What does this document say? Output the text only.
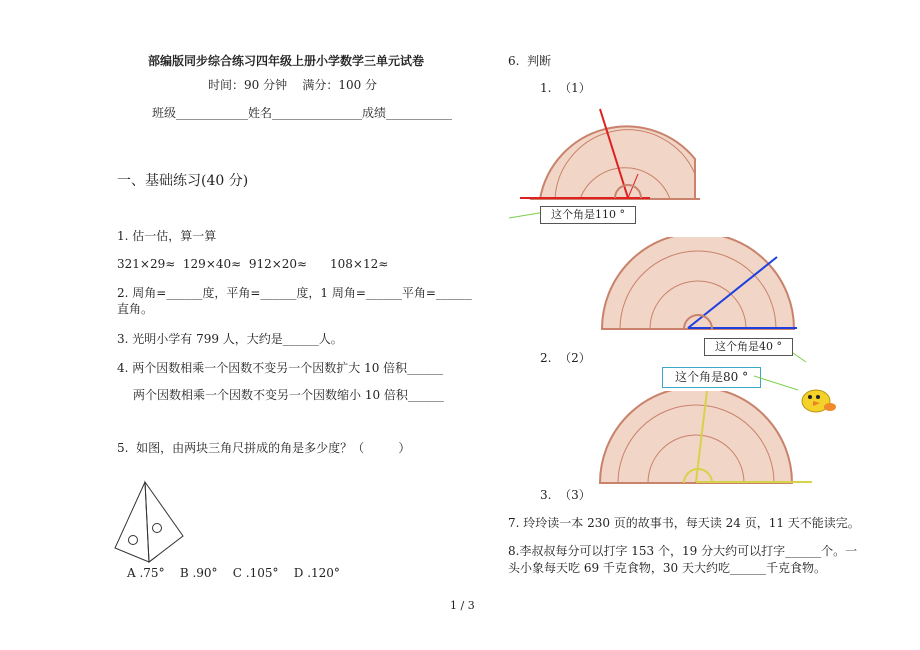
部编版同步综合练习四年级上册小学数学三单元试卷
时间：90 分钟    满分：100 分
班级____________姓名_______________成绩___________
一、基础练习(40 分)
1. 估一估，算一算
321×29≈  129×40≈  912×20≈      108×12≈
2. 周角=______度，平角=______度，1 周角=______平角=______
直角。
3. 光明小学有 799 人，大约是______人。
4. 两个因数相乘一个因数不变另一个因数扩大 10 倍积______
两个因数相乘一个因数不变另一个因数缩小 10 倍积______
5.  如图，由两块三角尺拼成的角是多少度？（         ）
A .75°    B .90°    C .105°    D .120°
6.  判断
1.  （1）
这个角是110 °
这个角是40 °
2.  （2）
这个角是80 °
3.  （3）
7. 玲玲读一本 230 页的故事书，每天读 24 页，11 天不能读完。
8.李叔叔每分可以打字 153 个，19 分大约可以打字______个。一
头小象每天吃 69 千克食物，30 天大约吃______千克食物。
1 / 3
